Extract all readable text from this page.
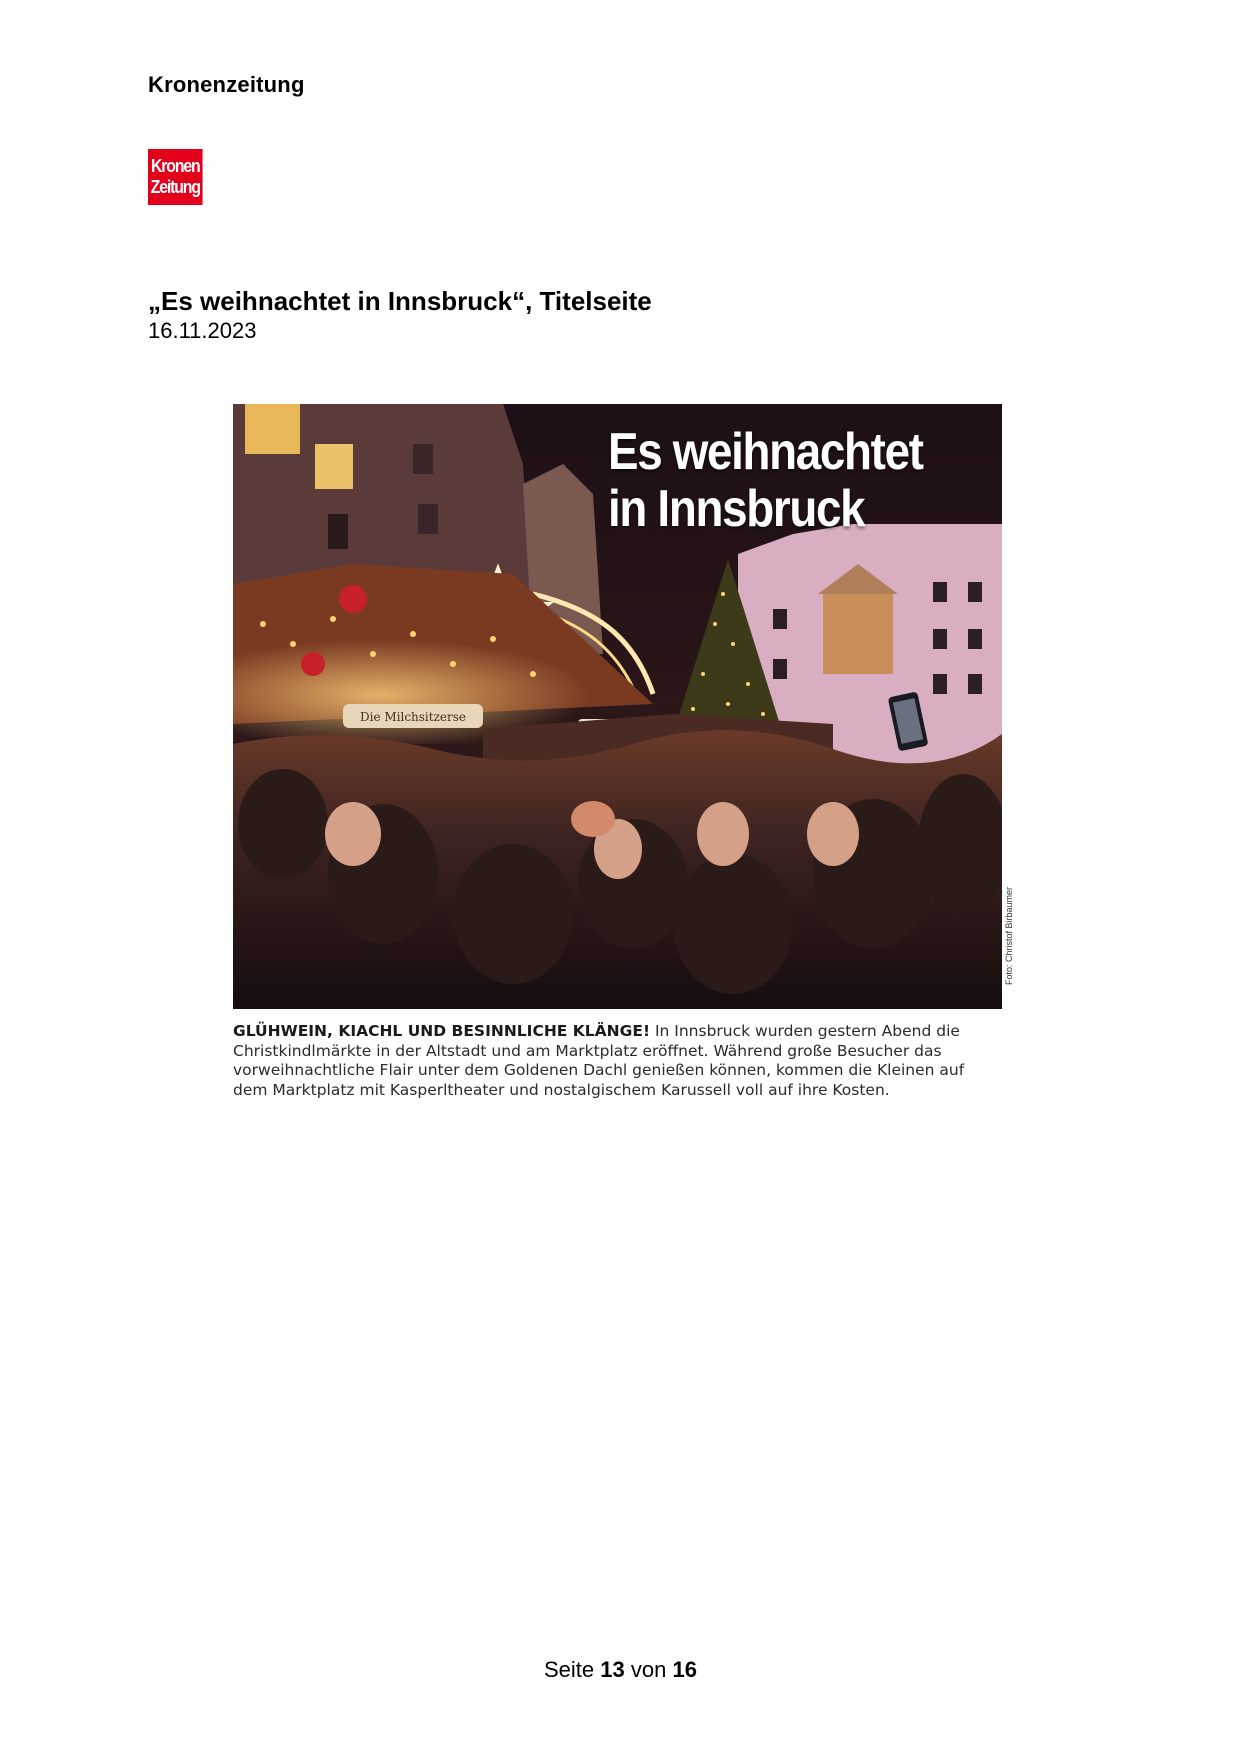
Kronenzeitung
Kronen
Zeitung
„Es weihnachtet in Innsbruck“, Titelseite
16.11.2023
Die Milchsitzerse
Es weihnachtet
in Innsbruck
Foto: Christof Birbaumer
GLÜHWEIN, KIACHL UND BESINNLICHE KLÄNGE! In Innsbruck wurden gestern Abend die Christkindlmärkte in der Altstadt und am Marktplatz eröffnet. Während große Besucher das vorweihnachtliche Flair unter dem Goldenen Dachl genießen können, kommen die Kleinen auf dem Marktplatz mit Kasperltheater und nostalgischem Karussell voll auf ihre Kosten.
Seite 13 von 16
